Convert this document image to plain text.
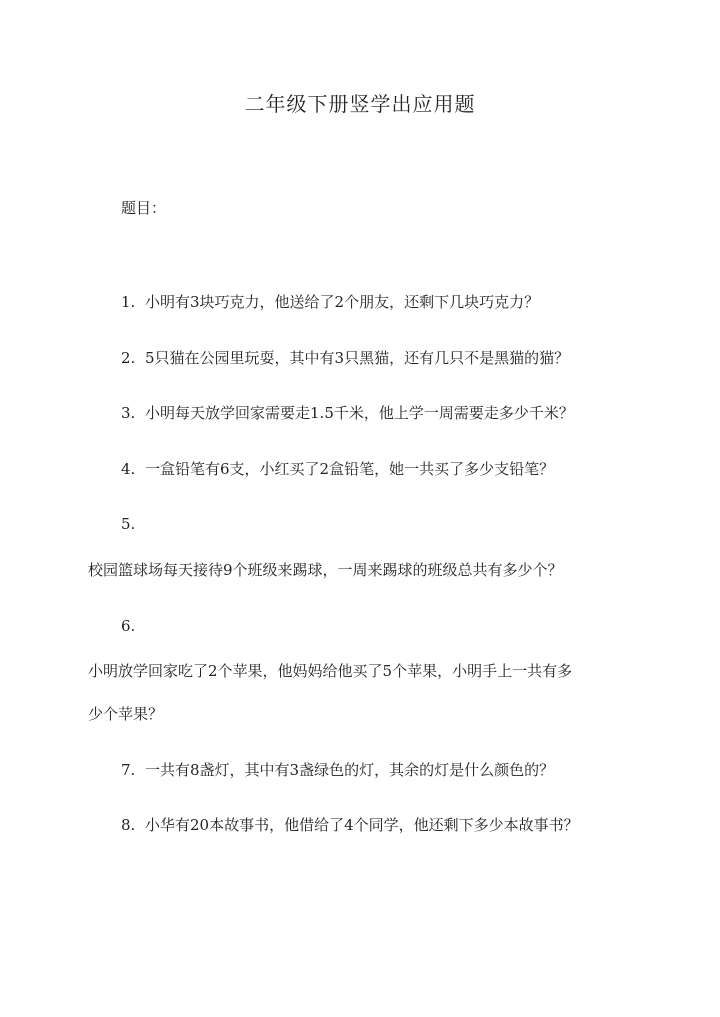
二年级下册竖学出应用题
题目：
1. 小明有3块巧克力，他送给了2个朋友，还剩下几块巧克力？
2. 5只猫在公园里玩耍，其中有3只黑猫，还有几只不是黑猫的猫？
3. 小明每天放学回家需要走1.5千米，他上学一周需要走多少千米？
4. 一盒铅笔有6支，小红买了2盒铅笔，她一共买了多少支铅笔？
5.
校园篮球场每天接待9个班级来踢球，一周来踢球的班级总共有多少个？
6.
小明放学回家吃了2个苹果，他妈妈给他买了5个苹果，小明手上一共有多
少个苹果？
7. 一共有8盏灯，其中有3盏绿色的灯，其余的灯是什么颜色的？
8. 小华有20本故事书，他借给了4个同学，他还剩下多少本故事书？
